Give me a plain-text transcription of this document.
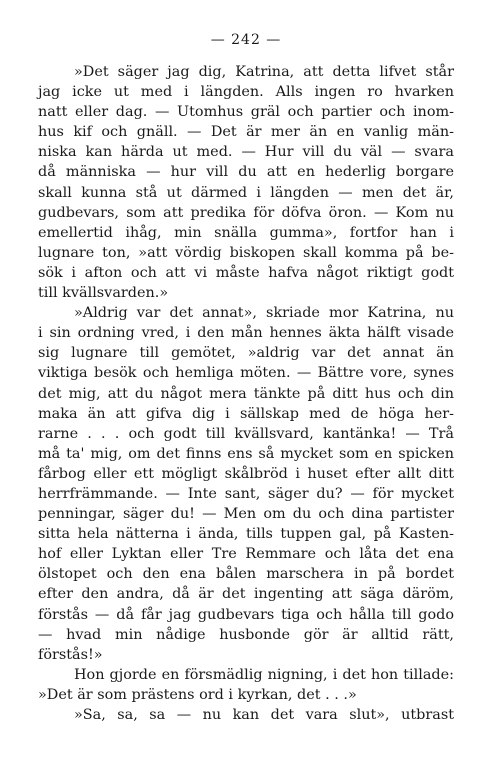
— 242 —
»Det säger jag dig, Katrina, att detta lifvet står
jag icke ut med i längden. Alls ingen ro hvarken
natt eller dag. — Utomhus gräl och partier och inom-
hus kif och gnäll. — Det är mer än en vanlig män-
niska kan härda ut med. — Hur vill du väl — svara
då människa — hur vill du att en hederlig borgare
skall kunna stå ut därmed i längden — men det är,
gudbevars, som att predika för döfva öron. — Kom nu
emellertid ihåg, min snälla gumma», fortfor han i
lugnare ton, »att vördig biskopen skall komma på be-
sök i afton och att vi måste hafva något riktigt godt
till kvällsvarden.»
»Aldrig var det annat», skriade mor Katrina, nu
i sin ordning vred, i den mån hennes äkta hälft visade
sig lugnare till gemötet, »aldrig var det annat än
viktiga besök och hemliga möten. — Bättre vore, synes
det mig, att du något mera tänkte på ditt hus och din
maka än att gifva dig i sällskap med de höga her-
rarne . . . och godt till kvällsvard, kantänka! — Trå
må ta' mig, om det finns ens så mycket som en spicken
fårbog eller ett mögligt skålbröd i huset efter allt ditt
herrfrämmande. — Inte sant, säger du? — för mycket
penningar, säger du! — Men om du och dina partister
sitta hela nätterna i ända, tills tuppen gal, på Kasten-
hof eller Lyktan eller Tre Remmare och låta det ena
ölstopet och den ena bålen marschera in på bordet
efter den andra, då är det ingenting att säga däröm,
förstås — då får jag gudbevars tiga och hålla till godo
— hvad min nådige husbonde gör är alltid rätt,
förstås!»
Hon gjorde en försmädlig nigning, i det hon tillade:
»Det är som prästens ord i kyrkan, det . . .»
»Sa, sa, sa — nu kan det vara slut», utbrast
